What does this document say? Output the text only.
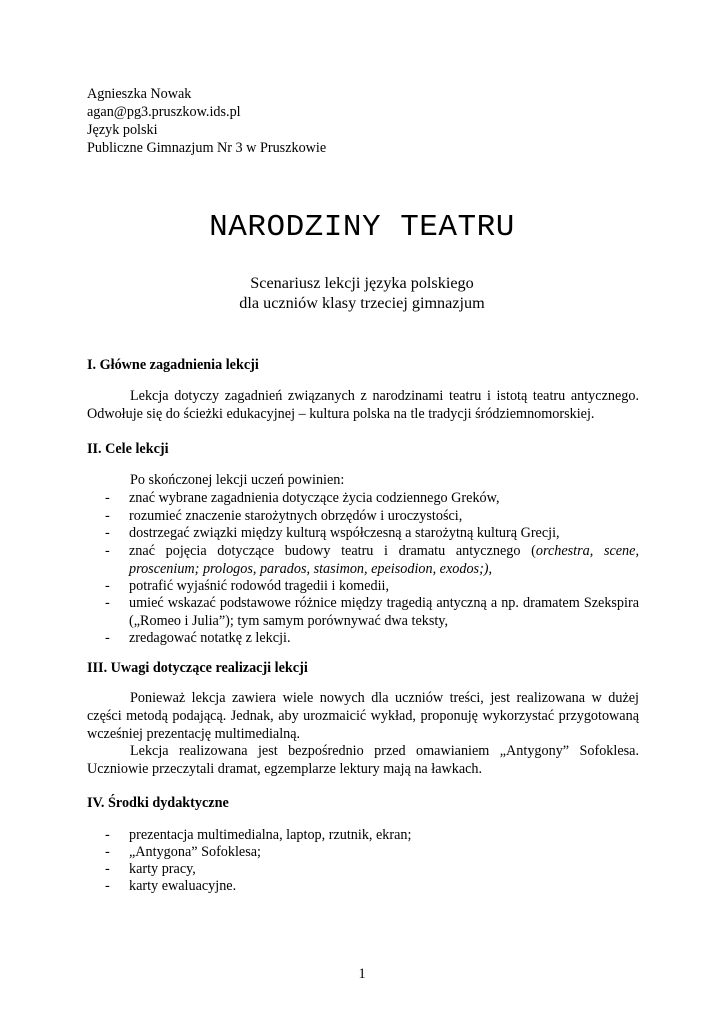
Agnieszka Nowak
agan@pg3.pruszkow.ids.pl
Język polski
Publiczne Gimnazjum Nr 3 w Pruszkowie
NARODZINY TEATRU
Scenariusz lekcji języka polskiego
dla uczniów klasy trzeciej gimnazjum
I. Główne zagadnienia lekcji
Lekcja dotyczy zagadnień związanych z narodzinami teatru i istotą teatru antycznego. Odwołuje się do ścieżki edukacyjnej – kultura polska na tle tradycji śródziemnomorskiej.
II. Cele lekcji
Po skończonej lekcji uczeń powinien:
- znać wybrane zagadnienia dotyczące życia codziennego Greków,
- rozumieć znaczenie starożytnych obrzędów i uroczystości,
- dostrzegać związki między kulturą współczesną a starożytną kulturą Grecji,
- znać pojęcia dotyczące budowy teatru i dramatu antycznego (orchestra, scene, proscenium; prologos, parados, stasimon, epeisodion, exodos;),
- potrafić wyjaśnić rodowód tragedii i komedii,
- umieć wskazać podstawowe różnice między tragedią antyczną a np. dramatem Szekspira („Romeo i Julia”); tym samym porównywać dwa teksty,
- zredagować notatkę z lekcji.
III. Uwagi dotyczące realizacji lekcji
Ponieważ lekcja zawiera wiele nowych dla uczniów treści, jest realizowana w dużej części metodą podającą. Jednak, aby urozmaicić wykład, proponuję wykorzystać przygotowaną wcześniej prezentację multimedialną.
Lekcja realizowana jest bezpośrednio przed omawianiem „Antygony” Sofoklesa. Uczniowie przeczytali dramat, egzemplarze lektury mają na ławkach.
IV. Środki dydaktyczne
- prezentacja multimedialna, laptop, rzutnik, ekran;
- „Antygona” Sofoklesa;
- karty pracy,
- karty ewaluacyjne.
1
